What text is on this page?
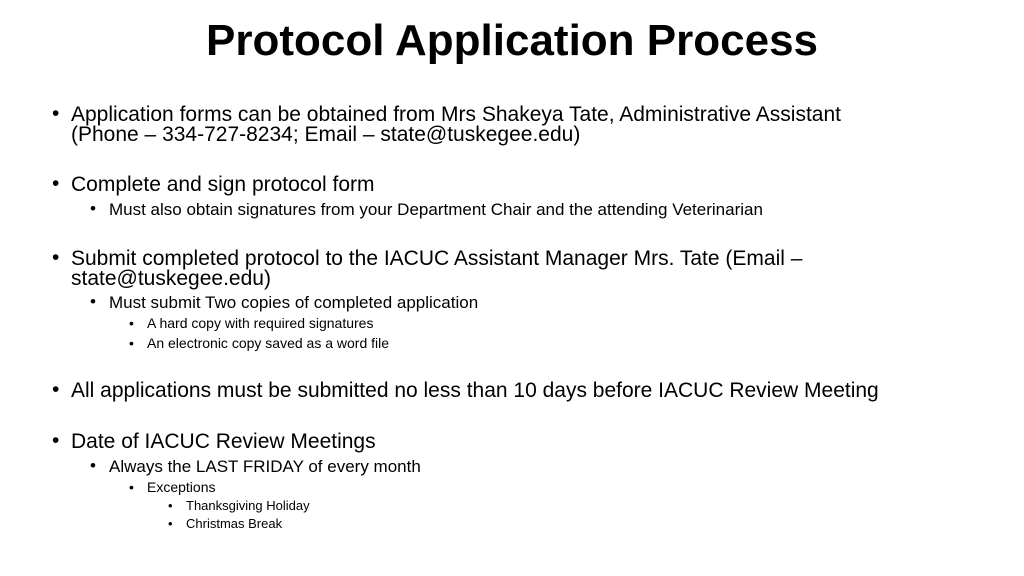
Protocol Application Process
• Application forms can be obtained from Mrs Shakeya Tate, Administrative Assistant
(Phone – 334-727-8234; Email – state@tuskegee.edu)
• Complete and sign protocol form
• Must also obtain signatures from your Department Chair and the attending Veterinarian
• Submit completed protocol to the IACUC Assistant Manager Mrs. Tate (Email –
state@tuskegee.edu)
• Must submit Two copies of completed application
• A hard copy with required signatures
• An electronic copy saved as a word file
• All applications must be submitted no less than 10 days before IACUC Review Meeting
• Date of IACUC Review Meetings
• Always the LAST FRIDAY of every month
• Exceptions
• Thanksgiving Holiday
• Christmas Break
